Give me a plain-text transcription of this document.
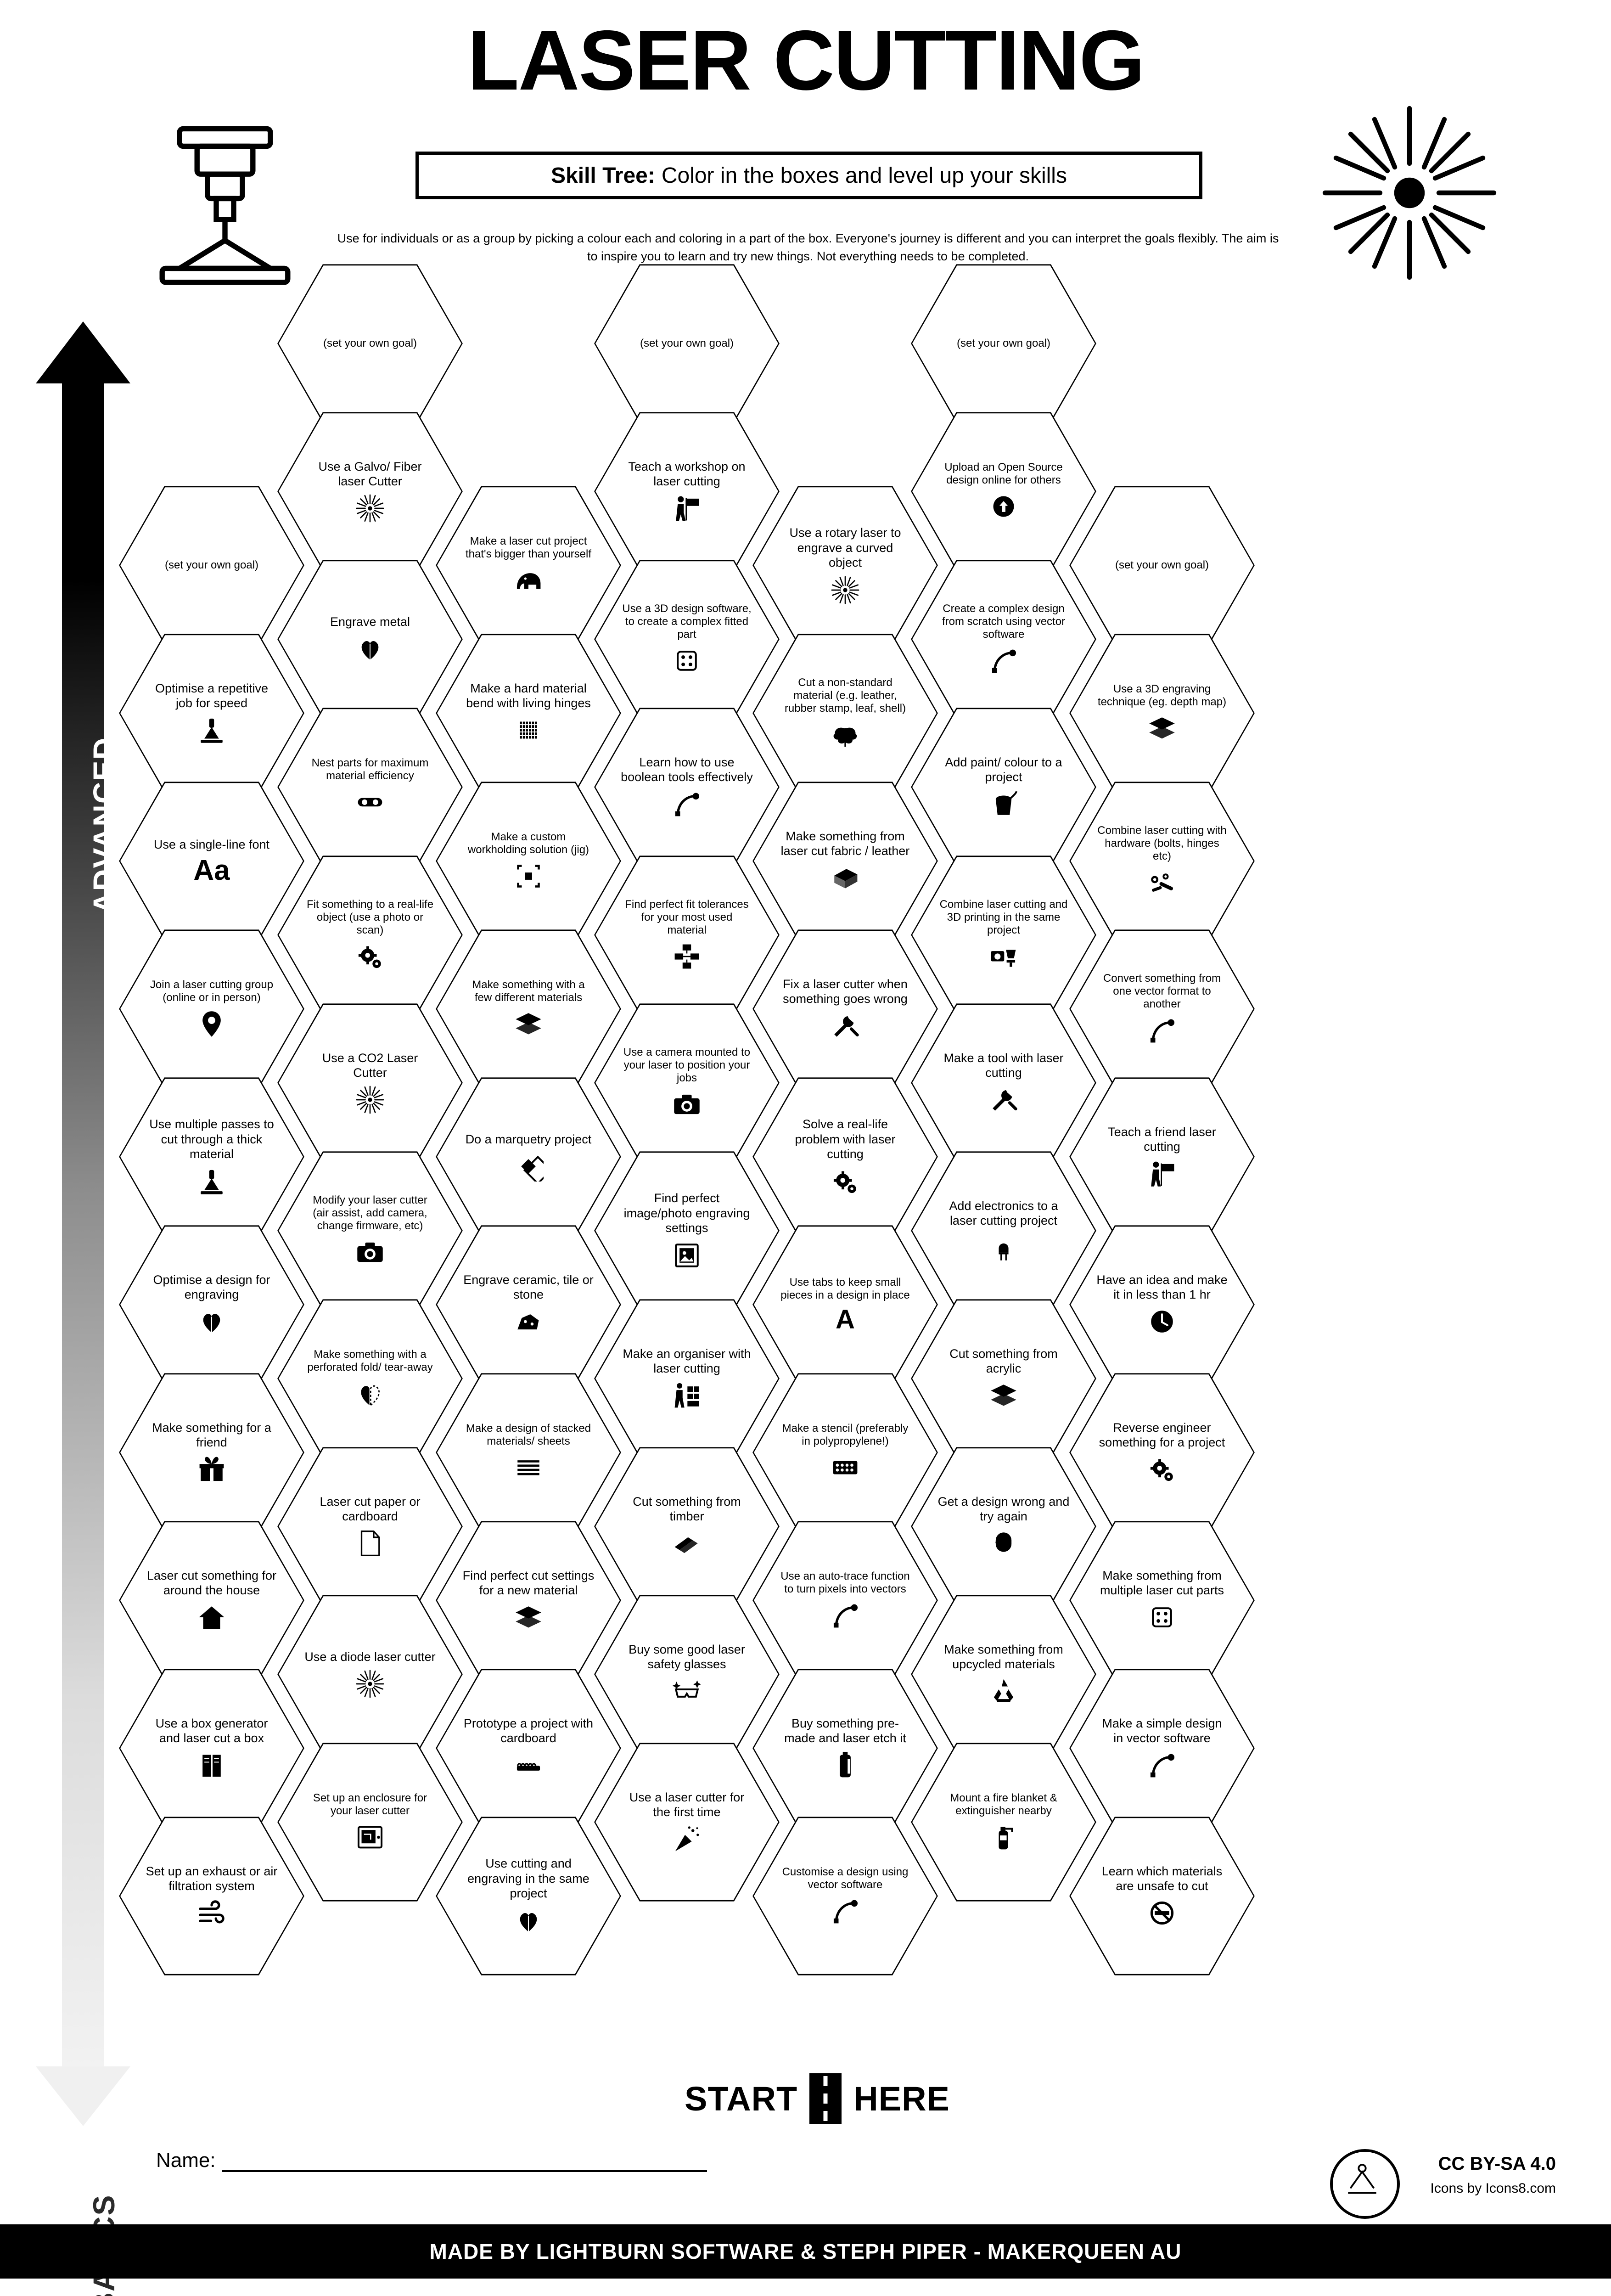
LASER CUTTING
Skill Tree: Color in the boxes and level up your skills
Use for individuals or as a group by picking a colour each and coloring in a part of the box. Everyone's journey is different and you can interpret the goals flexibly. The aim is to inspire you to learn and try new things. Not everything needs to be completed.
ADVANCED
(set your own goal)
Optimise a repetitive job for speed
Use a single-line font
Aa
Join a laser cutting group (online or in person)
Use multiple passes to cut through a thick material
Optimise a design for engraving
Make something for a friend
Laser cut something for around the house
Use a box generator and laser cut a box
Set up an exhaust or air filtration system
(set your own goal)
Use a Galvo/ Fiber laser Cutter
Engrave metal
Nest parts for maximum material efficiency
Fit something to a real-life object (use a photo or scan)
Use a CO2 Laser Cutter
Modify your laser cutter (air assist, add camera, change firmware, etc)
Make something with a perforated fold/ tear-away
Laser cut paper or cardboard
Use a diode laser cutter
Set up an enclosure for your laser cutter
Make a laser cut project that's bigger than yourself
Make a hard material bend with living hinges
Make a custom workholding solution (jig)
Make something with a few different materials
Do a marquetry project
Engrave ceramic, tile or stone
Make a design of stacked materials/ sheets
Find perfect cut settings for a new material
Prototype a project with cardboard
Use cutting and engraving in the same project
(set your own goal)
Teach a workshop on laser cutting
Use a 3D design software, to create a complex fitted part
Learn how to use boolean tools effectively
Find perfect fit tolerances for your most used material
Use a camera mounted to your laser to position your jobs
Find perfect image/photo engraving settings
Make an organiser with laser cutting
Cut something from timber
Buy some good laser safety glasses
Use a laser cutter for the first time
Use a rotary laser to engrave a curved object
Cut a non-standard material (e.g. leather, rubber stamp, leaf, shell)
Make something from laser cut fabric / leather
Fix a laser cutter when something goes wrong
Solve a real-life problem with laser cutting
Use tabs to keep small pieces in a design in place
A
Make a stencil (preferably in polypropylene!)
Use an auto-trace function to turn pixels into vectors
Buy something pre-made and laser etch it
Customise a design using vector software
(set your own goal)
Upload an Open Source design online for others
Create a complex design from scratch using vector software
Add paint/ colour to a project
Combine laser cutting and 3D printing in the same project
Make a tool with laser cutting
Add electronics to a laser cutting project
Cut something from acrylic
Get a design wrong and try again
Make something from upcycled materials
Mount a fire blanket & extinguisher nearby
(set your own goal)
Use a 3D engraving technique (eg. depth map)
Combine laser cutting with hardware (bolts, hinges etc)
Convert something from one vector format to another
Teach a friend laser cutting
Have an idea and make it in less than 1 hr
Reverse engineer something for a project
Make something from multiple laser cut parts
Make a simple design in vector software
Learn which materials are unsafe to cut
START HERE
Name:	CC BY-SA 4.0
Icons by Icons8.com
MADE BY LIGHTBURN SOFTWARE & STEPH PIPER - MAKERQUEEN AU
